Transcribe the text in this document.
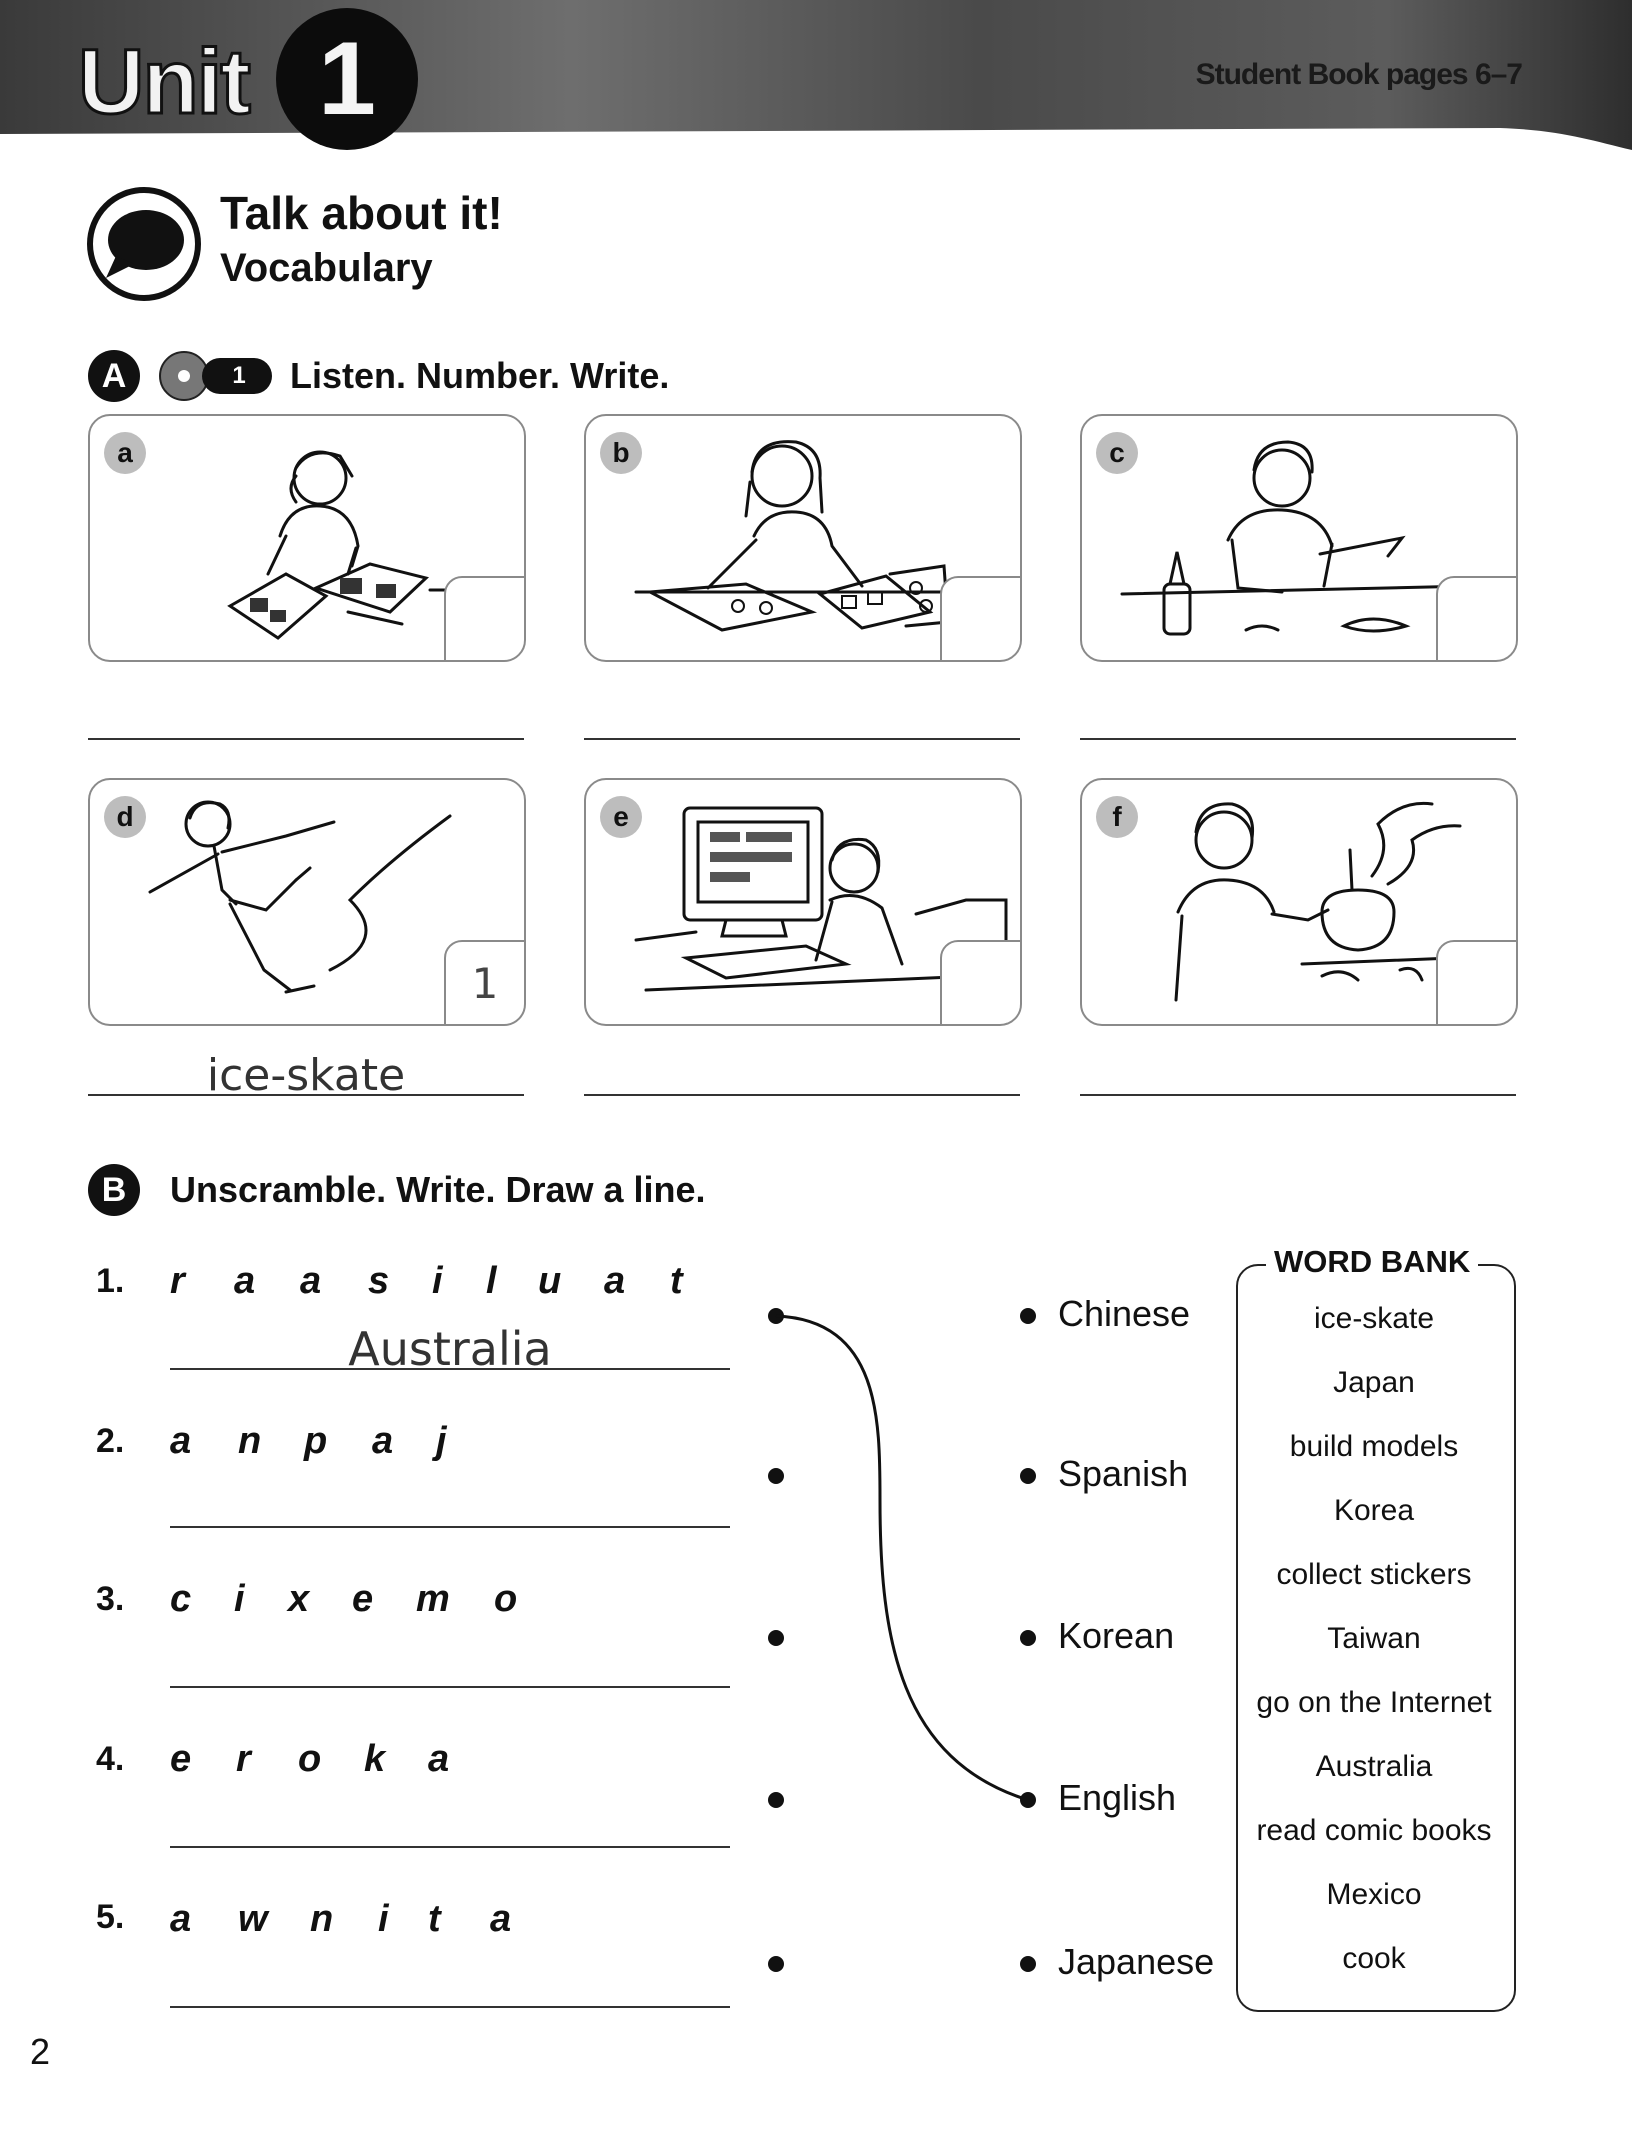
Unit 1	Student Book pages 6–7
Talk about it!
Vocabulary
A	1	Listen. Number. Write.
a	b	c
d
1
e	f
ice-skate
B	Unscramble. Write. Draw a line.
1. r a a s i l u a t
Australia
2. a n p a j
3. c i x e m o
4. e r o k a
5. a w n i t a
Chinese
Spanish
Korean
English
Japanese
WORD BANK
ice-skate
Japan
build models
Korea
collect stickers
Taiwan
go on the Internet
Australia
read comic books
Mexico
cook
2
